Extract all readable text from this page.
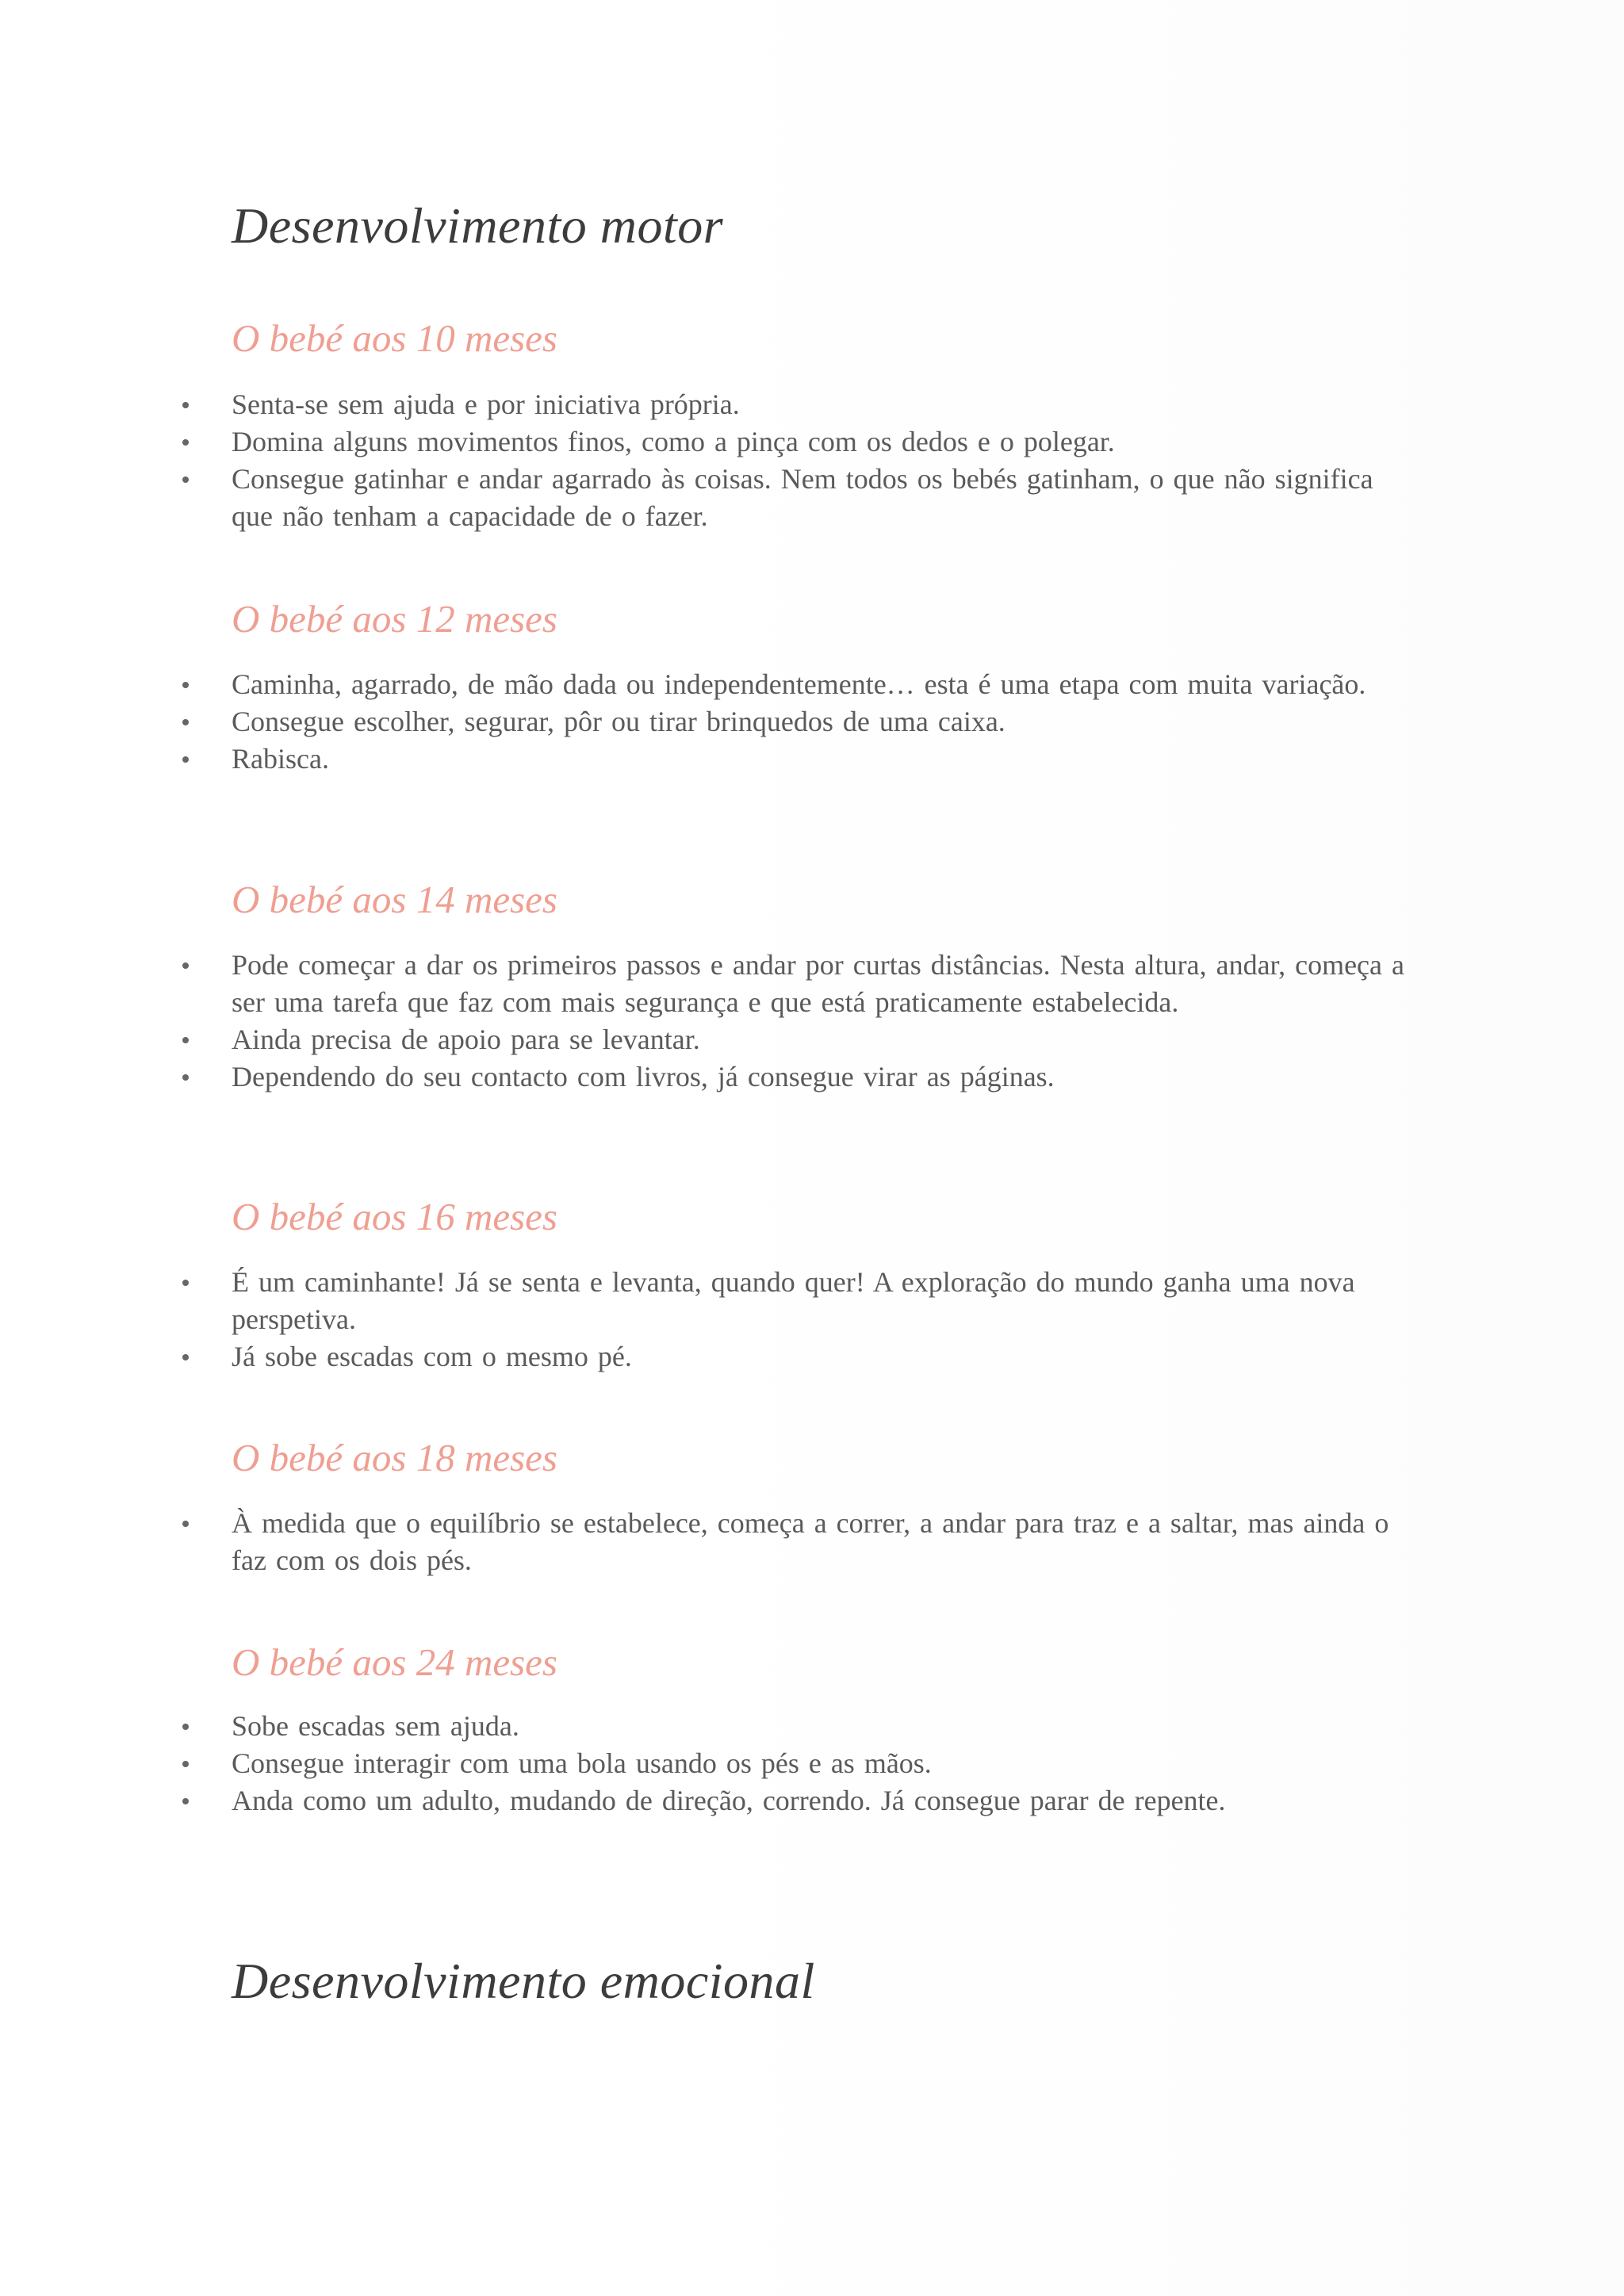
Desenvolvimento motor
O bebé aos 10 meses
Senta-se sem ajuda e por iniciativa própria.
Domina alguns movimentos finos, como a pinça com os dedos e o polegar.
Consegue gatinhar e andar agarrado às coisas. Nem todos os bebés gatinham, o que não significa que não tenham a capacidade de o fazer.
O bebé aos 12 meses
Caminha, agarrado, de mão dada ou independentemente… esta é uma etapa com muita variação.
Consegue escolher, segurar, pôr ou tirar brinquedos de uma caixa.
Rabisca.
O bebé aos 14 meses
Pode começar a dar os primeiros passos e andar por curtas distâncias. Nesta altura, andar, começa a ser uma tarefa que faz com mais segurança e que está praticamente estabelecida.
Ainda precisa de apoio para se levantar.
Dependendo do seu contacto com livros, já consegue virar as páginas.
O bebé aos 16 meses
É um caminhante! Já se senta e levanta, quando quer! A exploração do mundo ganha uma nova perspetiva.
Já sobe escadas com o mesmo pé.
O bebé aos 18 meses
À medida que o equilíbrio se estabelece, começa a correr, a andar para traz e a saltar, mas ainda o faz com os dois pés.
O bebé aos 24 meses
Sobe escadas sem ajuda.
Consegue interagir com uma bola usando os pés e as mãos.
Anda como um adulto, mudando de direção, correndo. Já consegue parar de repente.
Desenvolvimento emocional
